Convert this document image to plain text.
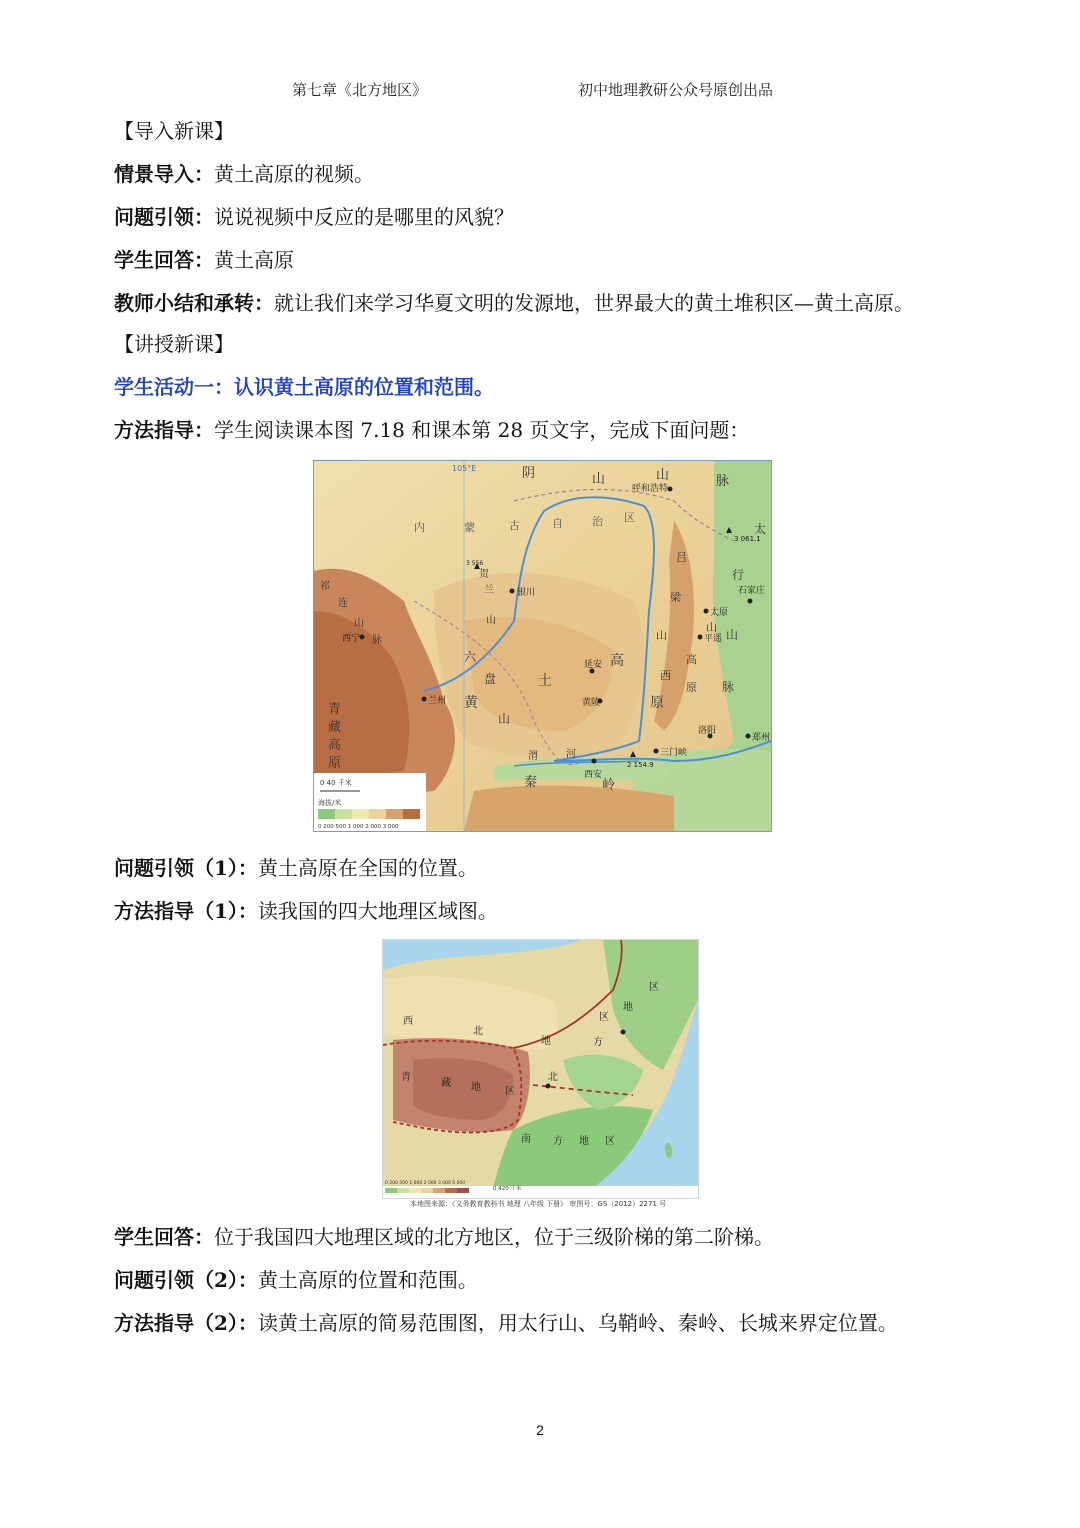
第七章《北方地区》	初中地理教研公众号原创出品
【导入新课】
情景导入：黄土高原的视频。
问题引领：说说视频中反应的是哪里的风貌？
学生回答：黄土高原
教师小结和承转：就让我们来学习华夏文明的发源地，世界最大的黄土堆积区—黄土高原。
【讲授新课】
学生活动一：认识黄土高原的位置和范围。
方法指导：学生阅读课本图 7.18 和课本第 28 页文字，完成下面问题：
105°E	阴	山	山	脉
内	蒙	古	自	治 区
太
行
山
脉
吕
梁
山
山
高
西
原
贺
兰
山
祁
连
山
脉
六
盘
山
黄
土
高
原
青
藏
高
原
秦	岭
渭	河
呼和浩特
太原
石家庄
西宁
兰州
银川
延安
西安
郑州
洛阳
三门峡
黄陵
平遥
3 061.1
2 154.9
3 556
0 40 千米
海拔/米
0 200 500 1 000 2 000 3 000
问题引领（1）：黄土高原在全国的位置。
方法指导（1）：读我国的四大地理区域图。
西
北
地
区
青
藏 地 区
北
方
地
区
南 方 地 区
0 200 500 1 000 2 000 3 000 5 000
0 420 千米
本地图来源：《义务教育教科书 地理 八年级 下册》 审图号：GS（2012）2271 号
学生回答：位于我国四大地理区域的北方地区，位于三级阶梯的第二阶梯。
问题引领（2）：黄土高原的位置和范围。
方法指导（2）：读黄土高原的简易范围图，用太行山、乌鞘岭、秦岭、长城来界定位置。
2
